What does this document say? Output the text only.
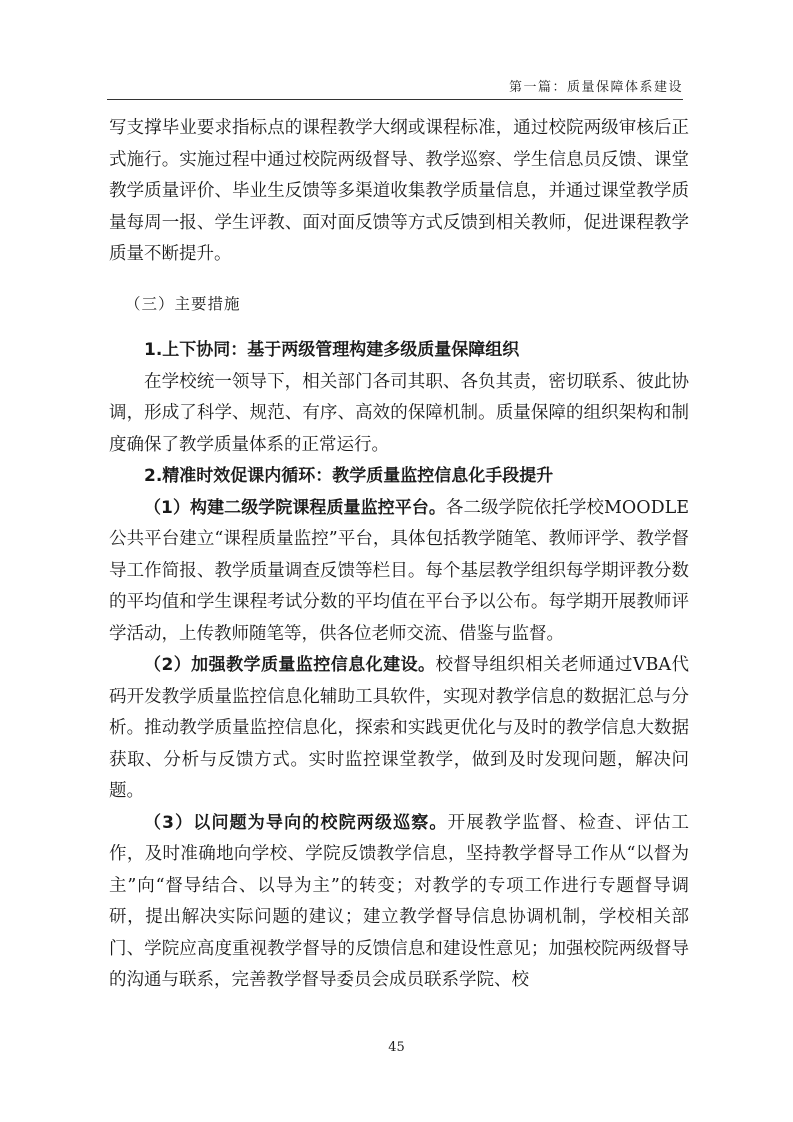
第一篇：质量保障体系建设

写支撑毕业要求指标点的课程教学大纲或课程标准，通过校院两级审核后正式施行。实施过程中通过校院两级督导、教学巡察、学生信息员反馈、课堂教学质量评价、毕业生反馈等多渠道收集教学质量信息，并通过课堂教学质量每周一报、学生评教、面对面反馈等方式反馈到相关教师，促进课程教学质量不断提升。

（三）主要措施

1.上下协同：基于两级管理构建多级质量保障组织

在学校统一领导下，相关部门各司其职、各负其责，密切联系、彼此协调，形成了科学、规范、有序、高效的保障机制。质量保障的组织架构和制度确保了教学质量体系的正常运行。

2.精准时效促课内循环：教学质量监控信息化手段提升

（1）构建二级学院课程质量监控平台。各二级学院依托学校MOODLE公共平台建立“课程质量监控”平台，具体包括教学随笔、教师评学、教学督导工作简报、教学质量调查反馈等栏目。每个基层教学组织每学期评教分数的平均值和学生课程考试分数的平均值在平台予以公布。每学期开展教师评学活动，上传教师随笔等，供各位老师交流、借鉴与监督。

（2）加强教学质量监控信息化建设。校督导组织相关老师通过VBA代码开发教学质量监控信息化辅助工具软件，实现对教学信息的数据汇总与分析。推动教学质量监控信息化，探索和实践更优化与及时的教学信息大数据获取、分析与反馈方式。实时监控课堂教学，做到及时发现问题，解决问题。

（3）以问题为导向的校院两级巡察。开展教学监督、检查、评估工作，及时准确地向学校、学院反馈教学信息，坚持教学督导工作从“以督为主”向“督导结合、以导为主”的转变；对教学的专项工作进行专题督导调研，提出解决实际问题的建议；建立教学督导信息协调机制，学校相关部门、学院应高度重视教学督导的反馈信息和建设性意见；加强校院两级督导的沟通与联系，完善教学督导委员会成员联系学院、校

45
